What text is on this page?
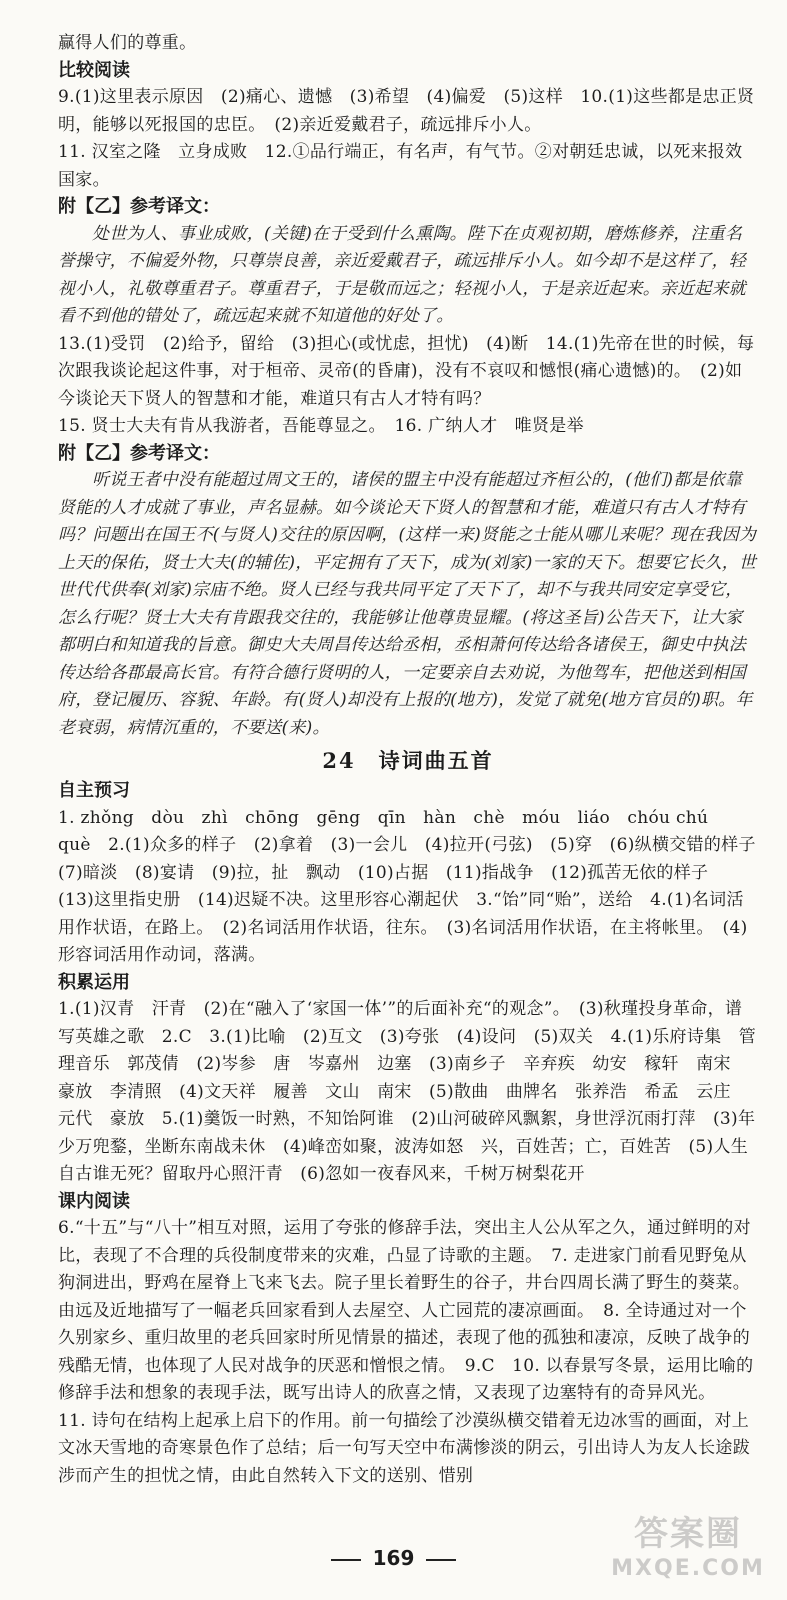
赢得人们的尊重。

比较阅读

9.(1)这里表示原因　(2)痛心、遗憾　(3)希望　(4)偏爱　(5)这样　10.(1)这些都是忠正贤明，能够以死报国的忠臣。　(2)亲近爱戴君子，疏远排斥小人。

11. 汉室之隆　立身成败　12.①品行端正，有名声，有气节。②对朝廷忠诚，以死来报效国家。

附【乙】参考译文：

处世为人、事业成败，(关键)在于受到什么熏陶。陛下在贞观初期，磨炼修养，注重名誉操守，不偏爱外物，只尊崇良善，亲近爱戴君子，疏远排斥小人。如今却不是这样了，轻视小人，礼敬尊重君子。尊重君子，于是敬而远之；轻视小人，于是亲近起来。亲近起来就看不到他的错处了，疏远起来就不知道他的好处了。

13.(1)受罚　(2)给予，留给　(3)担心(或忧虑，担忧)　(4)断　14.(1)先帝在世的时候，每次跟我谈论起这件事，对于桓帝、灵帝(的昏庸)，没有不哀叹和憾恨(痛心遗憾)的。　(2)如今谈论天下贤人的智慧和才能，难道只有古人才特有吗？

15. 贤士大夫有肯从我游者，吾能尊显之。　16. 广纳人才　唯贤是举

附【乙】参考译文：

听说王者中没有能超过周文王的，诸侯的盟主中没有能超过齐桓公的，(他们)都是依靠贤能的人才成就了事业，声名显赫。如今谈论天下贤人的智慧和才能，难道只有古人才特有吗？问题出在国王不(与贤人)交往的原因啊，(这样一来)贤能之士能从哪儿来呢？现在我因为上天的保佑，贤士大夫(的辅佐)，平定拥有了天下，成为(刘家)一家的天下。想要它长久，世世代代供奉(刘家)宗庙不绝。贤人已经与我共同平定了天下了，却不与我共同安定享受它，怎么行呢？贤士大夫有肯跟我交往的，我能够让他尊贵显耀。(将这圣旨)公告天下，让大家都明白和知道我的旨意。御史大夫周昌传达给丞相，丞相萧何传达给各诸侯王，御史中执法传达给各郡最高长官。有符合德行贤明的人，一定要亲自去劝说，为他驾车，把他送到相国府，登记履历、容貌、年龄。有(贤人)却没有上报的(地方)，发觉了就免(地方官员的)职。年老衰弱，病情沉重的，不要送(来)。

24　诗词曲五首

自主预习

1. zhǒng　dòu　zhì　chōng　gēng　qīn　hàn　chè　móu　liáo　chóu chú　què　2.(1)众多的样子　(2)拿着　(3)一会儿　(4)拉开(弓弦)　(5)穿　(6)纵横交错的样子　(7)暗淡　(8)宴请　(9)拉，扯　飘动　(10)占据　(11)指战争　(12)孤苦无依的样子　(13)这里指史册　(14)迟疑不决。这里形容心潮起伏　3.“饴”同“贻”，送给　4.(1)名词活用作状语，在路上。　(2)名词活用作状语，往东。　(3)名词活用作状语，在主将帐里。　(4)形容词活用作动词，落满。

积累运用

1.(1)汉青　汗青　(2)在“融入了‘家国一体’”的后面补充“的观念”。　(3)秋瑾投身革命，谱写英雄之歌　2.C　3.(1)比喻　(2)互文　(3)夸张　(4)设问　(5)双关　4.(1)乐府诗集　管理音乐　郭茂倩　(2)岑参　唐　岑嘉州　边塞　(3)南乡子　辛弃疾　幼安　稼轩　南宋　豪放　李清照　(4)文天祥　履善　文山　南宋　(5)散曲　曲牌名　张养浩　希孟　云庄　元代　豪放　5.(1)羹饭一时熟，不知饴阿谁　(2)山河破碎风飘絮，身世浮沉雨打萍　(3)年少万兜鍪，坐断东南战未休　(4)峰峦如聚，波涛如怒　兴，百姓苦；亡，百姓苦　(5)人生自古谁无死？留取丹心照汗青　(6)忽如一夜春风来，千树万树梨花开

课内阅读

6.“十五”与“八十”相互对照，运用了夸张的修辞手法，突出主人公从军之久，通过鲜明的对比，表现了不合理的兵役制度带来的灾难，凸显了诗歌的主题。　7. 走进家门前看见野兔从狗洞进出，野鸡在屋脊上飞来飞去。院子里长着野生的谷子，井台四周长满了野生的葵菜。由远及近地描写了一幅老兵回家看到人去屋空、人亡园荒的凄凉画面。　8. 全诗通过对一个久别家乡、重归故里的老兵回家时所见情景的描述，表现了他的孤独和凄凉，反映了战争的残酷无情，也体现了人民对战争的厌恶和憎恨之情。　9.C　10. 以春景写冬景，运用比喻的修辞手法和想象的表现手法，既写出诗人的欣喜之情，又表现了边塞特有的奇异风光。

11. 诗句在结构上起承上启下的作用。前一句描绘了沙漠纵横交错着无边冰雪的画面，对上文冰天雪地的奇寒景色作了总结；后一句写天空中布满惨淡的阴云，引出诗人为友人长途跋涉而产生的担忧之情，由此自然转入下文的送别、惜别

169
答案圈
MXQE.COM
